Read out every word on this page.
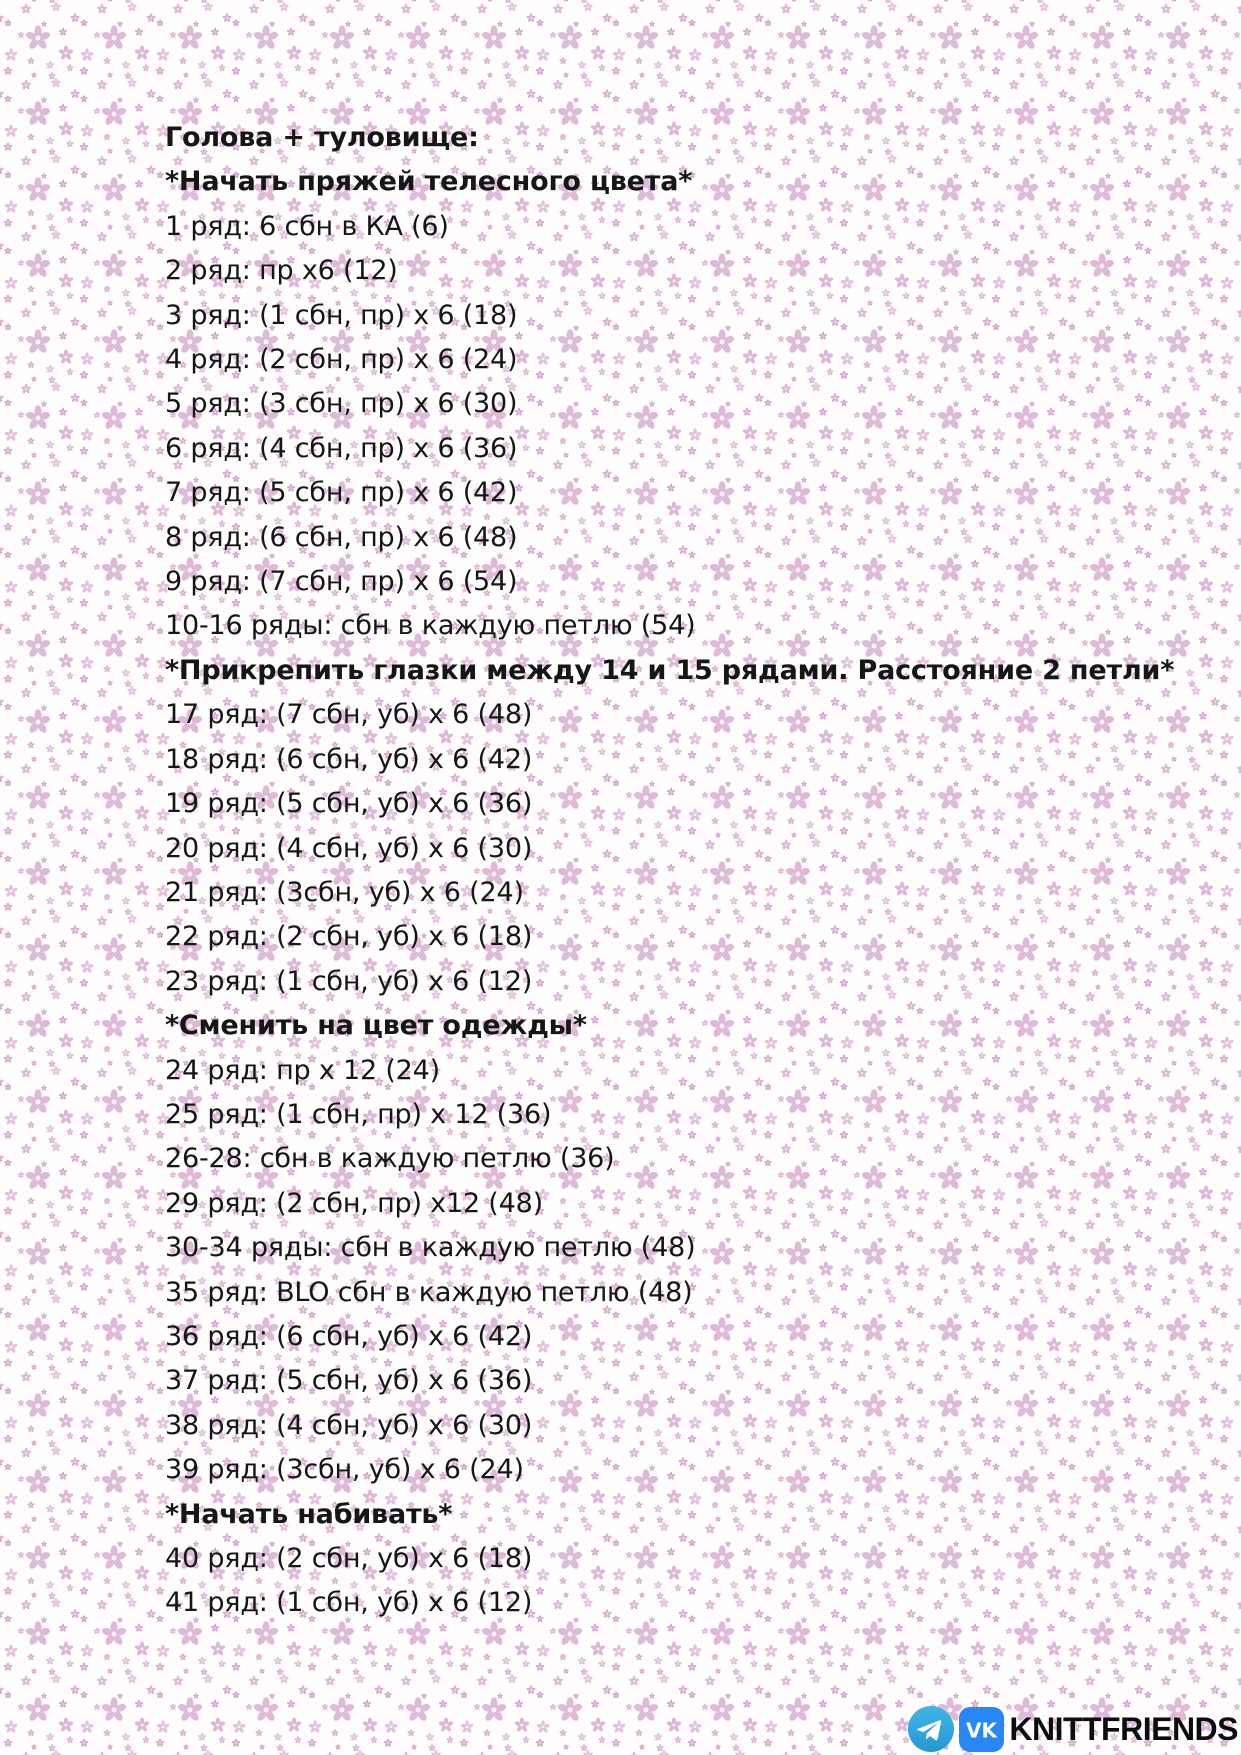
Голова + туловище:
*Начать пряжей телесного цвета*
1 ряд: 6 сбн в КА (6)
2 ряд: пр х6 (12)
3 ряд: (1 сбн, пр) х 6 (18)
4 ряд: (2 сбн, пр) х 6 (24)
5 ряд: (3 сбн, пр) х 6 (30)
6 ряд: (4 сбн, пр) х 6 (36)
7 ряд: (5 сбн, пр) х 6 (42)
8 ряд: (6 сбн, пр) х 6 (48)
9 ряд: (7 сбн, пр) х 6 (54)
10-16 ряды: сбн в каждую петлю (54)
*Прикрепить глазки между 14 и 15 рядами. Расстояние 2 петли*
17 ряд: (7 сбн, уб) х 6 (48)
18 ряд: (6 сбн, уб) х 6 (42)
19 ряд: (5 сбн, уб) х 6 (36)
20 ряд: (4 сбн, уб) х 6 (30)
21 ряд: (3сбн, уб) х 6 (24)
22 ряд: (2 сбн, уб) х 6 (18)
23 ряд: (1 сбн, уб) х 6 (12)
*Сменить на цвет одежды*
24 ряд: пр х 12 (24)
25 ряд: (1 сбн, пр) х 12 (36)
26-28: сбн в каждую петлю (36)
29 ряд: (2 сбн, пр) х12 (48)
30-34 ряды: сбн в каждую петлю (48)
35 ряд: BLO сбн в каждую петлю (48)
36 ряд: (6 сбн, уб) х 6 (42)
37 ряд: (5 сбн, уб) х 6 (36)
38 ряд: (4 сбн, уб) х 6 (30)
39 ряд: (3сбн, уб) х 6 (24)
*Начать набивать*
40 ряд: (2 сбн, уб) х 6 (18)
41 ряд: (1 сбн, уб) х 6 (12)
VK KNITTFRIENDS
